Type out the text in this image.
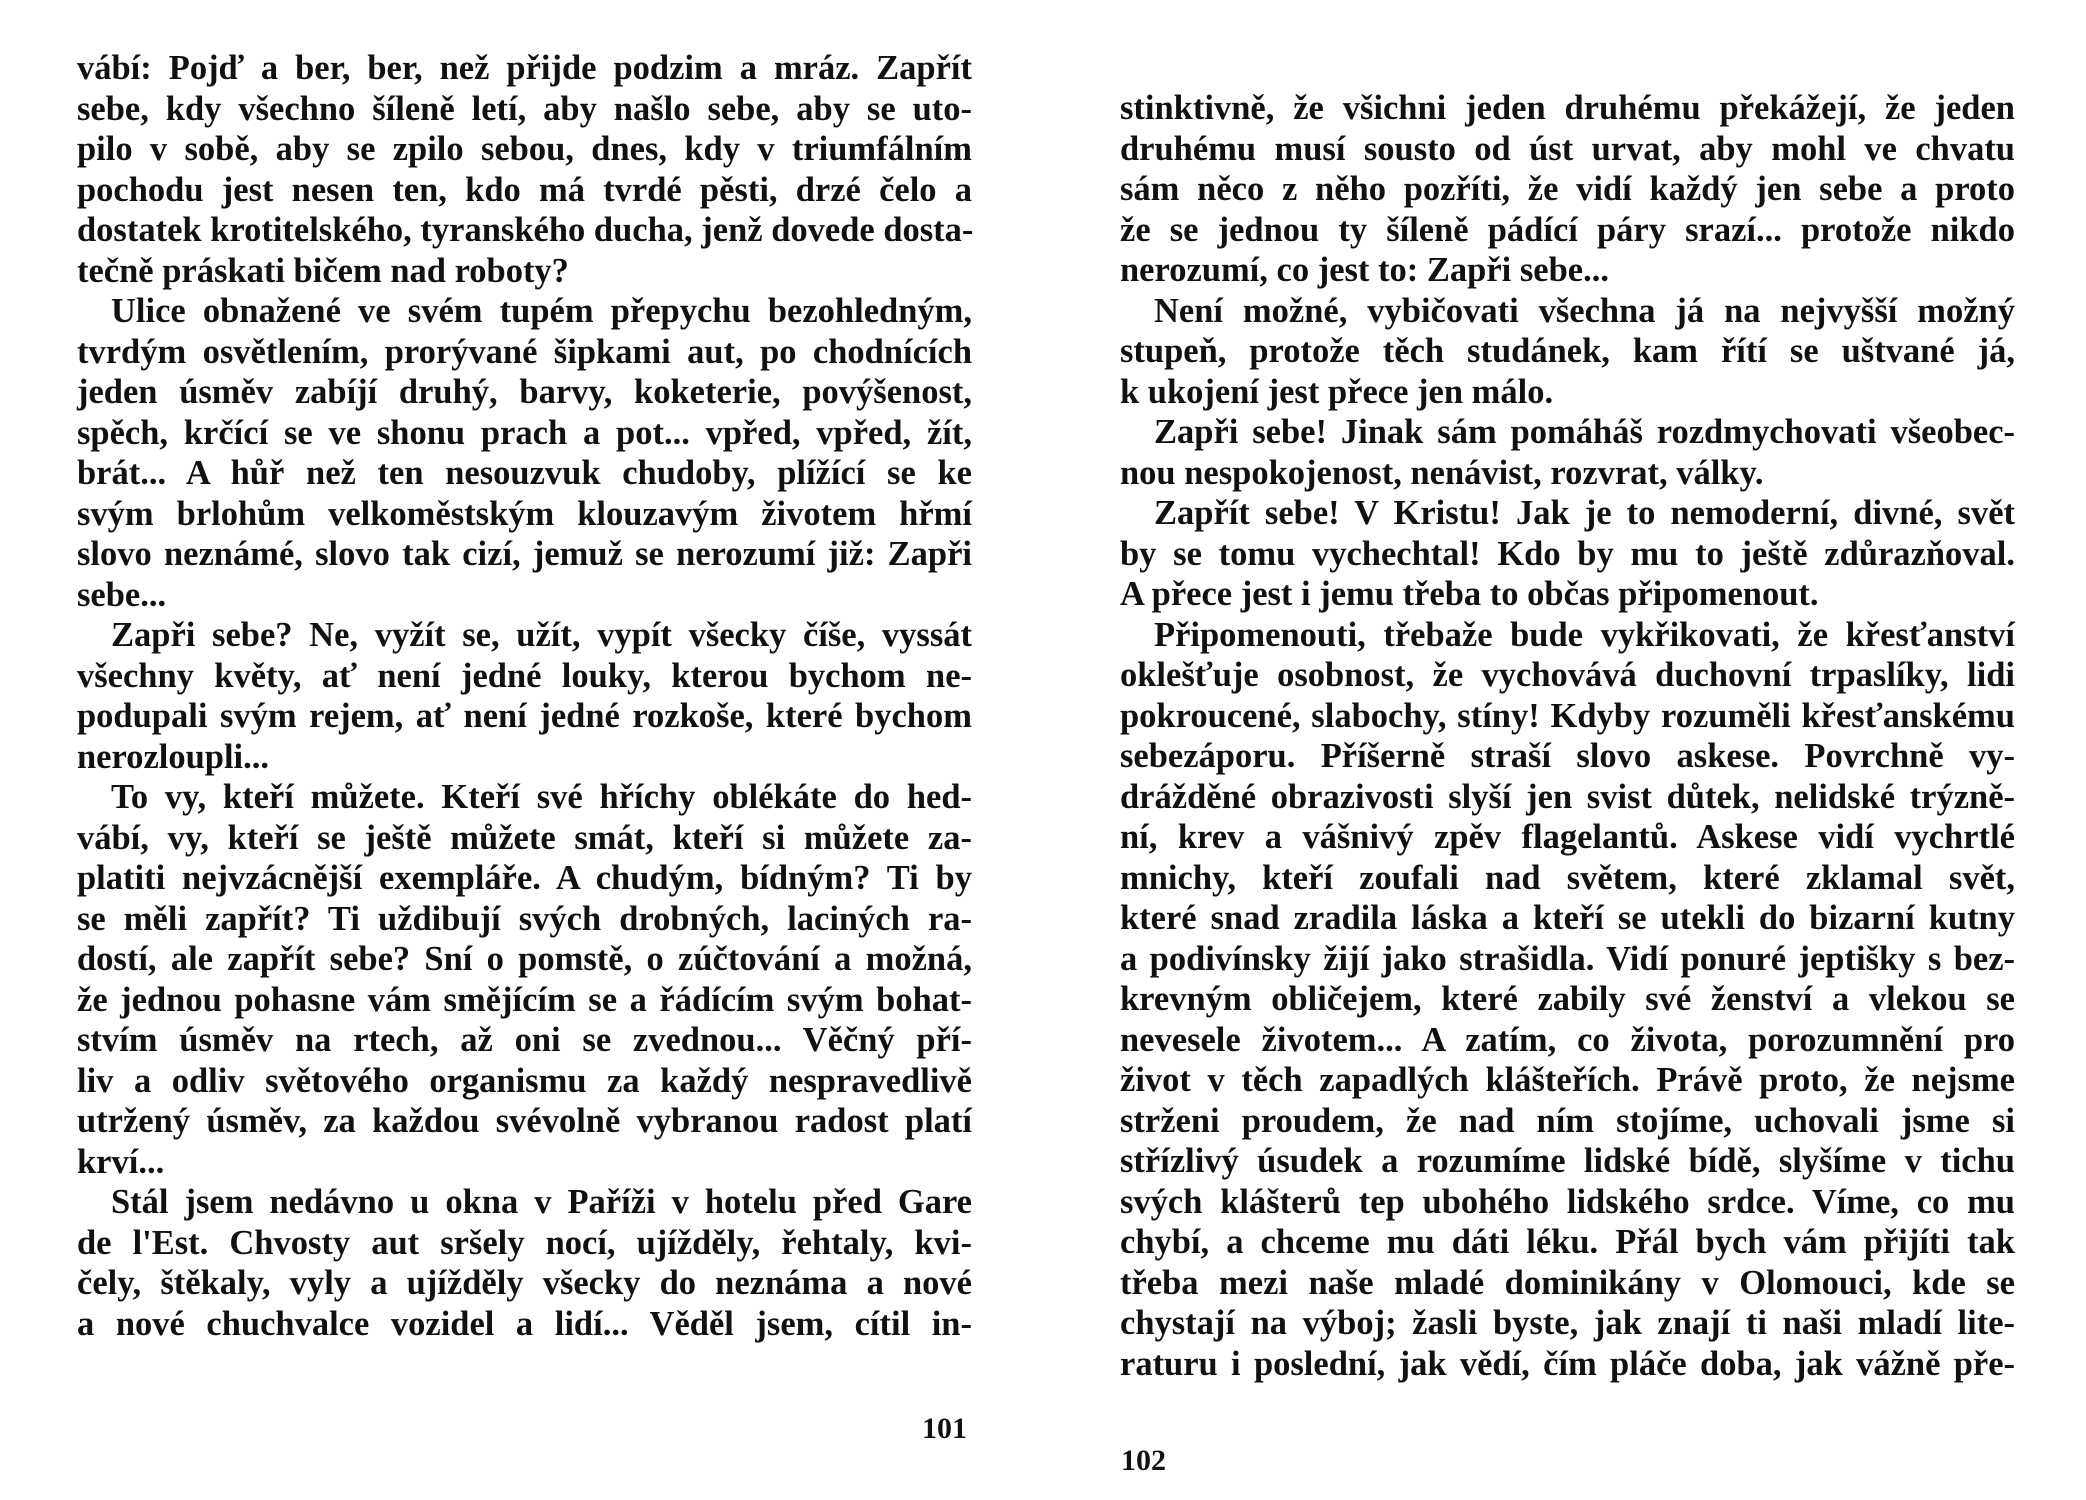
vábí: Pojď a ber, ber, než přijde podzim a mráz. Zapřít
sebe, kdy všechno šíleně letí, aby našlo sebe, aby se uto-
pilo v sobě, aby se zpilo sebou, dnes, kdy v triumfálním
pochodu jest nesen ten, kdo má tvrdé pěsti, drzé čelo a
dostatek krotitelského, tyranského ducha, jenž dovede dosta-
tečně práskati bičem nad roboty?
Ulice obnažené ve svém tupém přepychu bezohledným,
tvrdým osvětlením, prorývané šipkami aut, po chodnících
jeden úsměv zabíjí druhý, barvy, koketerie, povýšenost,
spěch, krčící se ve shonu prach a pot... vpřed, vpřed, žít,
brát... A hůř než ten nesouzvuk chudoby, plížící se ke
svým brlohům velkoměstským klouzavým životem hřmí
slovo neznámé, slovo tak cizí, jemuž se nerozumí již: Zapři
sebe...
Zapři sebe? Ne, vyžít se, užít, vypít všecky číše, vyssát
všechny květy, ať není jedné louky, kterou bychom ne-
podupali svým rejem, ať není jedné rozkoše, které bychom
nerozloupli...
To vy, kteří můžete. Kteří své hříchy oblékáte do hed-
vábí, vy, kteří se ještě můžete smát, kteří si můžete za-
platiti nejvzácnější exempláře. A chudým, bídným? Ti by
se měli zapřít? Ti uždibují svých drobných, laciných ra-
dostí, ale zapřít sebe? Sní o pomstě, o zúčtování a možná,
že jednou pohasne vám smějícím se a řádícím svým bohat-
stvím úsměv na rtech, až oni se zvednou... Věčný pří-
liv a odliv světového organismu za každý nespravedlivě
utržený úsměv, za každou svévolně vybranou radost platí
krví...
Stál jsem nedávno u okna v Paříži v hotelu před Gare
de l'Est. Chvosty aut sršely nocí, ujížděly, řehtaly, kvi-
čely, štěkaly, vyly a ujížděly všecky do neznáma a nové
a nové chuchvalce vozidel a lidí... Věděl jsem, cítil in-
101
stinktivně, že všichni jeden druhému překážejí, že jeden
druhému musí sousto od úst urvat, aby mohl ve chvatu
sám něco z něho pozříti, že vidí každý jen sebe a proto
že se jednou ty šíleně pádící páry srazí... protože nikdo
nerozumí, co jest to: Zapři sebe...
Není možné, vybičovati všechna já na nejvyšší možný
stupeň, protože těch studánek, kam řítí se uštvané já,
k ukojení jest přece jen málo.
Zapři sebe! Jinak sám pomáháš rozdmychovati všeobec-
nou nespokojenost, nenávist, rozvrat, války.
Zapřít sebe! V Kristu! Jak je to nemoderní, divné, svět
by se tomu vychechtal! Kdo by mu to ještě zdůrazňoval.
A přece jest i jemu třeba to občas připomenout.
Připomenouti, třebaže bude vykřikovati, že křesťanství
oklešťuje osobnost, že vychovává duchovní trpaslíky, lidi
pokroucené, slabochy, stíny! Kdyby rozuměli křesťanskému
sebezáporu. Příšerně straší slovo askese. Povrchně vy-
drážděné obrazivosti slyší jen svist důtek, nelidské trýzně-
ní, krev a vášnivý zpěv flagelantů. Askese vidí vychrtlé
mnichy, kteří zoufali nad světem, které zklamal svět,
které snad zradila láska a kteří se utekli do bizarní kutny
a podivínsky žijí jako strašidla. Vidí ponuré jeptišky s bez-
krevným obličejem, které zabily své ženství a vlekou se
nevesele životem... A zatím, co života, porozumnění pro
život v těch zapadlých klášteřích. Právě proto, že nejsme
strženi proudem, že nad ním stojíme, uchovali jsme si
střízlivý úsudek a rozumíme lidské bídě, slyšíme v tichu
svých klášterů tep ubohého lidského srdce. Víme, co mu
chybí, a chceme mu dáti léku. Přál bych vám přijíti tak
třeba mezi naše mladé dominikány v Olomouci, kde se
chystají na výboj; žasli byste, jak znají ti naši mladí lite-
raturu i poslední, jak vědí, čím pláče doba, jak vážně pře-
102
